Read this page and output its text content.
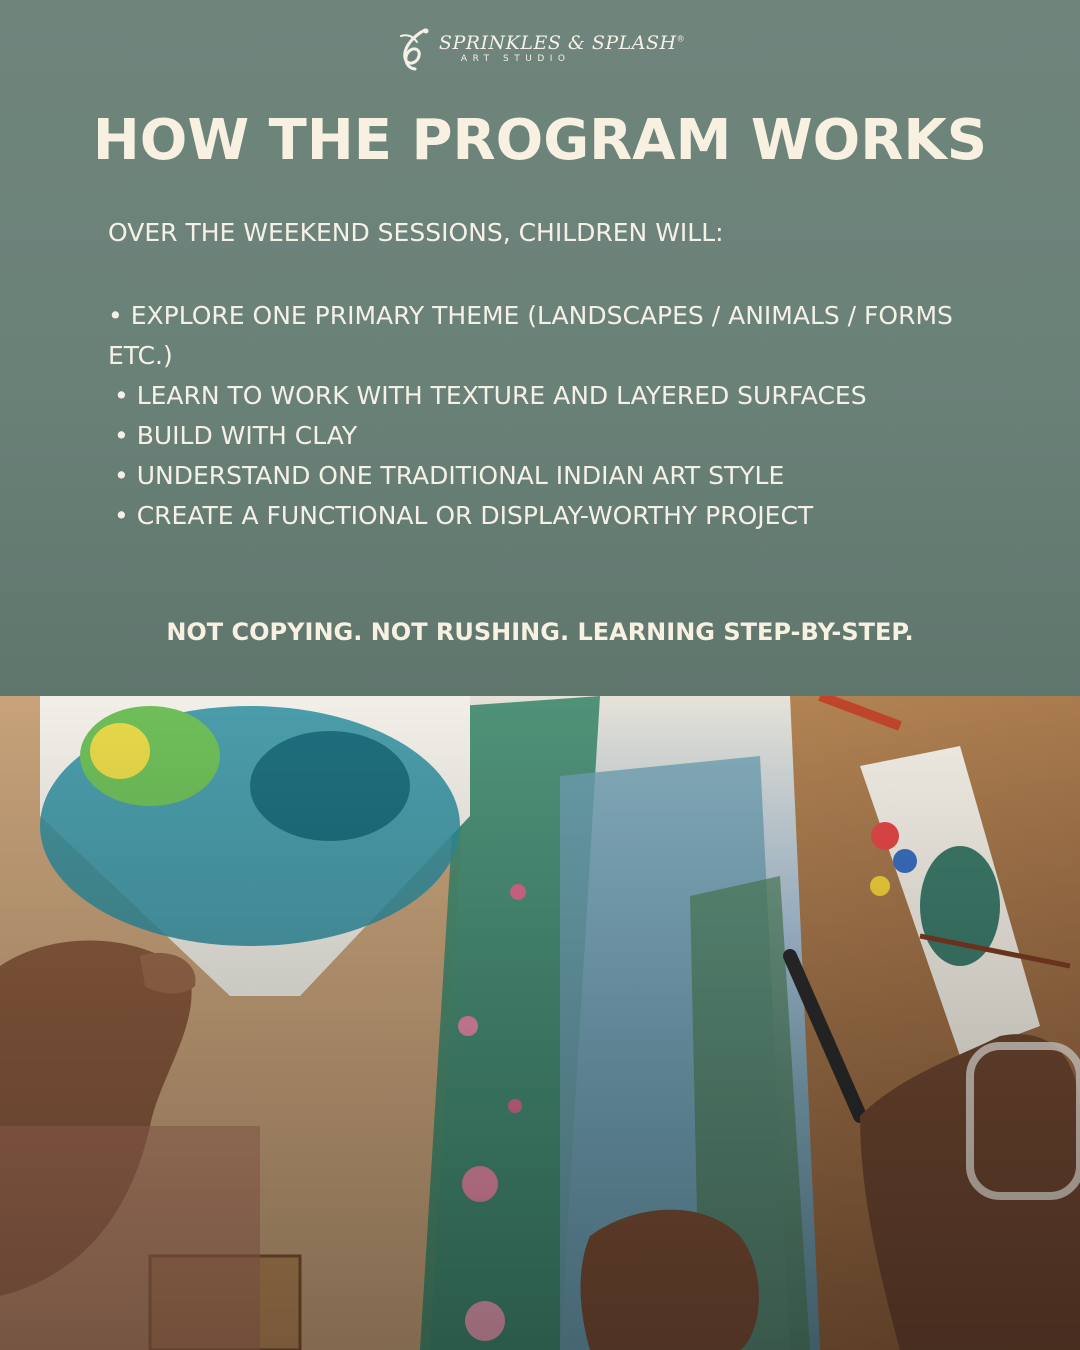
SPRINKLES & SPLASH®
ART STUDIO
HOW THE PROGRAM WORKS

OVER THE WEEKEND SESSIONS, CHILDREN WILL:

• EXPLORE ONE PRIMARY THEME (LANDSCAPES / ANIMALS / FORMS ETC.)
• LEARN TO WORK WITH TEXTURE AND LAYERED SURFACES
• BUILD WITH CLAY
• UNDERSTAND ONE TRADITIONAL INDIAN ART STYLE
• CREATE A FUNCTIONAL OR DISPLAY-WORTHY PROJECT

NOT COPYING. NOT RUSHING. LEARNING STEP-BY-STEP.
